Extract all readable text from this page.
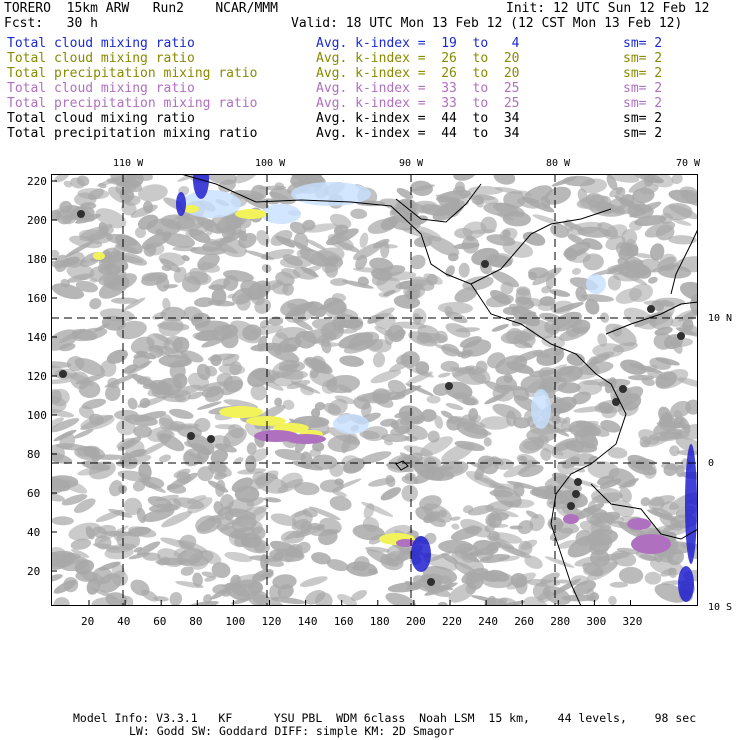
TORERO  15km ARW   Run2    NCAR/MMM	Init: 12 UTC Sun 12 Feb 12
Fcst:   30 h	Valid: 18 UTC Mon 13 Feb 12 (12 CST Mon 13 Feb 12)
Total cloud mixing ratio	Avg. k-index =  19  to   4	sm= 2
Total cloud mixing ratio	Avg. k-index =  26  to  20	sm= 2
Total precipitation mixing ratio	Avg. k-index =  26  to  20	sm= 2
Total cloud mixing ratio	Avg. k-index =  33  to  25	sm= 2
Total precipitation mixing ratio	Avg. k-index =  33  to  25	sm= 2
Total cloud mixing ratio	Avg. k-index =  44  to  34	sm= 2
Total precipitation mixing ratio	Avg. k-index =  44  to  34	sm= 2
20 40 60 80 100 120 140 160 180 200 220 240 260 280 300 320
20
40
60
80
100
120
140
160
180
200
220
110 W	100 W	90 W	80 W	70 W
10 N
0
10 S
Model Info: V3.3.1   KF      YSU PBL  WDM 6class  Noah LSM  15 km,    44 levels,    98 sec
LW: Godd SW: Goddard DIFF: simple KM: 2D Smagor
